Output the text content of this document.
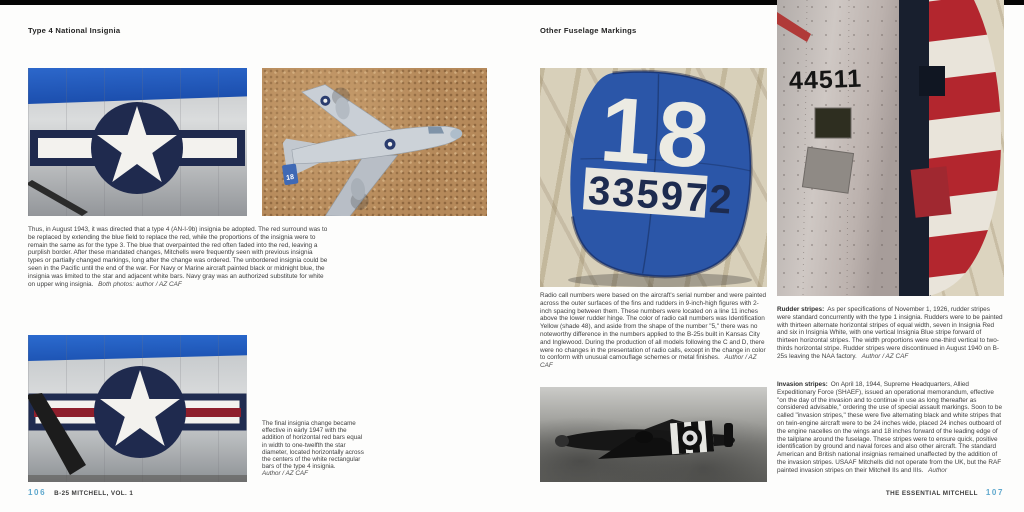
Type 4 National Insignia
18

Thus, in August 1943, it was directed that a type 4 (AN-I-9b) insignia be adopted. The red surround was to be replaced by extending the blue field to replace the red, while the proportions of the insignia were to remain the same as for the type 3. The blue that overpainted the red often faded into the red, leaving a purplish border. After these mandated changes, Mitchells were frequently seen with previous insignia types or partially changed markings, long after the change was ordered. The unbordered insignia could be seen in the Pacific until the end of the war. For Navy or Marine aircraft painted black or midnight blue, the insignia was limited to the star and adjacent white bars. Navy gray was an authorized substitute for white on upper wing insignia. Both photos: author / AZ CAF

The final insignia change became effective in early 1947 with the addition of horizontal red bars equal in width to one-twelfth the star diameter, located horizontally across the centers of the white rectangular bars of the type 4 insignia.
Author / AZ CAF

106 B-25 MITCHELL, VOL. 1
Other Fuselage Markings
18
335972

Radio call numbers were based on the aircraft's serial number and were painted across the outer surfaces of the fins and rudders in 9-inch-high figures with 2-inch spacing between them. These numbers were located on a line 11 inches above the lower rudder hinge. The color of radio call numbers was Identification Yellow (shade 48), and aside from the shape of the number "5," there was no noteworthy difference in the numbers applied to the B-25s built in Kansas City and Inglewood. During the production of all models following the C and D, there were no changes in the presentation of radio calls, except in the change in color to conform with unusual camouflage schemes or metal finishes. Author / AZ CAF

44511

Rudder stripes: As per specifications of November 1, 1926, rudder stripes were standard concurrently with the type 1 insignia. Rudders were to be painted with thirteen alternate horizontal stripes of equal width, seven in Insignia Red and six in Insignia White, with one vertical Insignia Blue stripe forward of thirteen horizontal stripes. The width proportions were one-third vertical to two-thirds horizontal stripe. Rudder stripes were discontinued in August 1940 on B-25s leaving the NAA factory. Author / AZ CAF

Invasion stripes: On April 18, 1944, Supreme Headquarters, Allied Expeditionary Force (SHAEF), issued an operational memorandum, effective "on the day of the invasion and to continue in use as long thereafter as considered advisable," ordering the use of special assault markings. Soon to be called "invasion stripes," these were five alternating black and white stripes that on twin-engine aircraft were to be 24 inches wide, placed 24 inches outboard of the engine nacelles on the wings and 18 inches forward of the leading edge of the tailplane around the fuselage. These stripes were to ensure quick, positive identification by ground and naval forces and also other aircraft. The standard American and British national insignias remained unaffected by the addition of the invasion stripes. USAAF Mitchells did not operate from the UK, but the RAF painted invasion stripes on their Mitchell IIs and IIIs. Author

THE ESSENTIAL MITCHELL 107
